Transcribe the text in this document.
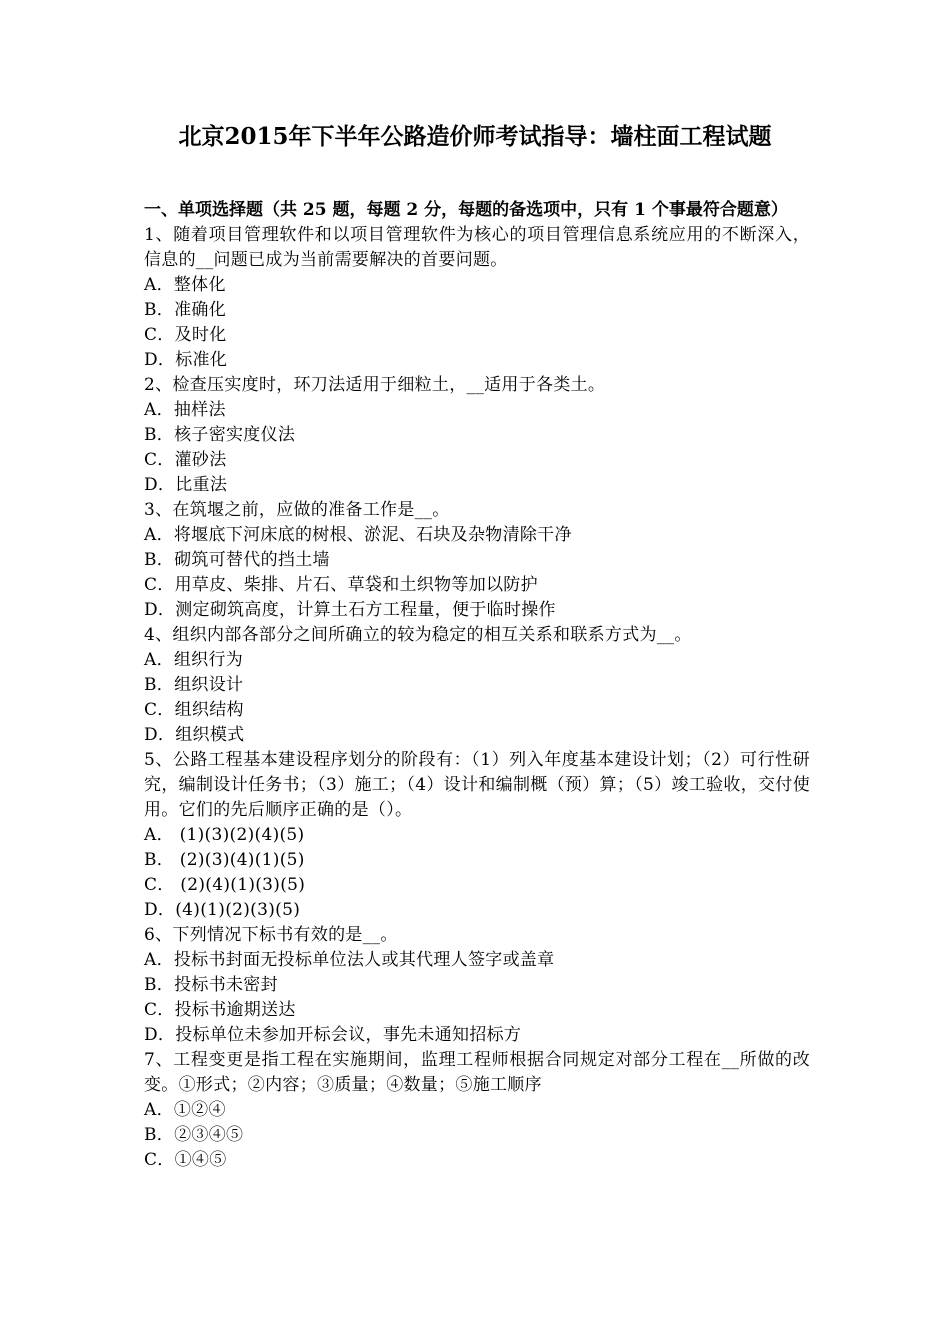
北京2015年下半年公路造价师考试指导：墙柱面工程试题

一、单项选择题（共 25 题，每题 2 分，每题的备选项中，只有 1 个事最符合题意）

1、随着项目管理软件和以项目管理软件为核心的项目管理信息系统应用的不断深入，信息的__问题已成为当前需要解决的首要问题。

A．整体化

B．准确化

C．及时化

D．标准化

2、检查压实度时，环刀法适用于细粒土，__适用于各类土。

A．抽样法

B．核子密实度仪法

C．灌砂法

D．比重法

3、在筑堰之前，应做的准备工作是__。

A．将堰底下河床底的树根、淤泥、石块及杂物清除干净

B．砌筑可替代的挡土墙

C．用草皮、柴排、片石、草袋和土织物等加以防护

D．测定砌筑高度，计算土石方工程量，便于临时操作

4、组织内部各部分之间所确立的较为稳定的相互关系和联系方式为__。

A．组织行为

B．组织设计

C．组织结构

D．组织模式

5、公路工程基本建设程序划分的阶段有：（1）列入年度基本建设计划；（2）可行性研究，编制设计任务书；（3）施工；（4）设计和编制概（预）算；（5）竣工验收，交付使用。它们的先后顺序正确的是（）。

A． (1)(3)(2)(4)(5)

B． (2)(3)(4)(1)(5)

C． (2)(4)(1)(3)(5)

D．(4)(1)(2)(3)(5)

6、下列情况下标书有效的是__。

A．投标书封面无投标单位法人或其代理人签字或盖章

B．投标书未密封

C．投标书逾期送达

D．投标单位未参加开标会议，事先未通知招标方

7、工程变更是指工程在实施期间，监理工程师根据合同规定对部分工程在__所做的改变。①形式；②内容；③质量；④数量；⑤施工顺序

A．①②④

B．②③④⑤

C．①④⑤
